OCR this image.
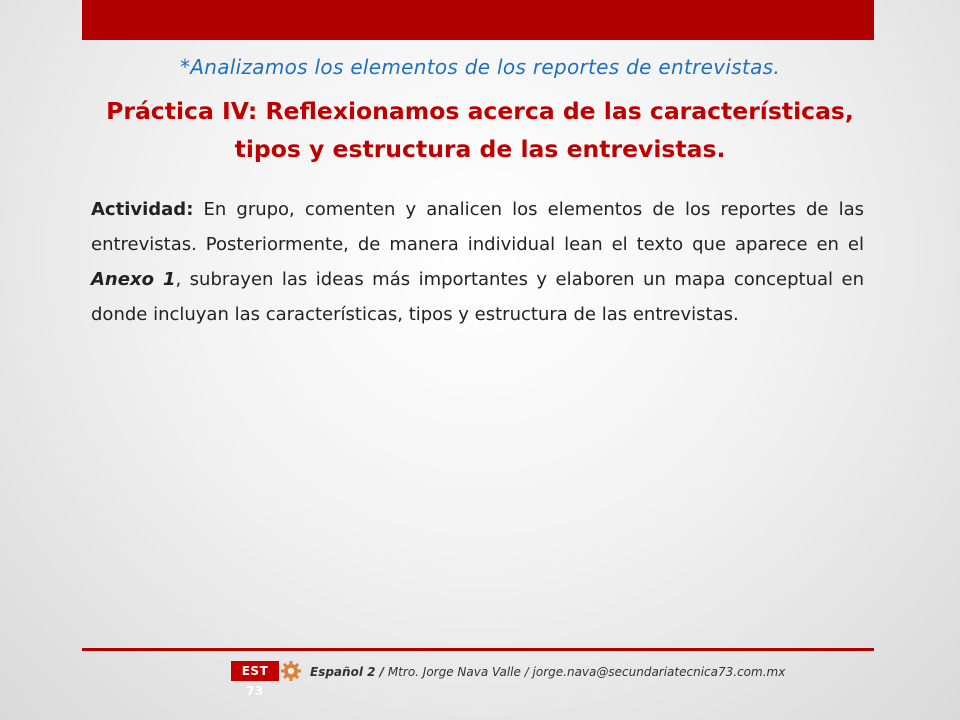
*Analizamos los elementos de los reportes de entrevistas.
Práctica IV: Reflexionamos acerca de las características,
tipos y estructura de las entrevistas.
Actividad: En grupo, comenten y analicen los elementos de los reportes de las entrevistas. Posteriormente, de manera individual lean el texto que aparece en el Anexo 1, subrayen las ideas más importantes y elaboren un mapa conceptual en donde incluyan las características, tipos y estructura de las entrevistas.
EST 73
Español 2 / Mtro. Jorge Nava Valle / jorge.nava@secundariatecnica73.com.mx
